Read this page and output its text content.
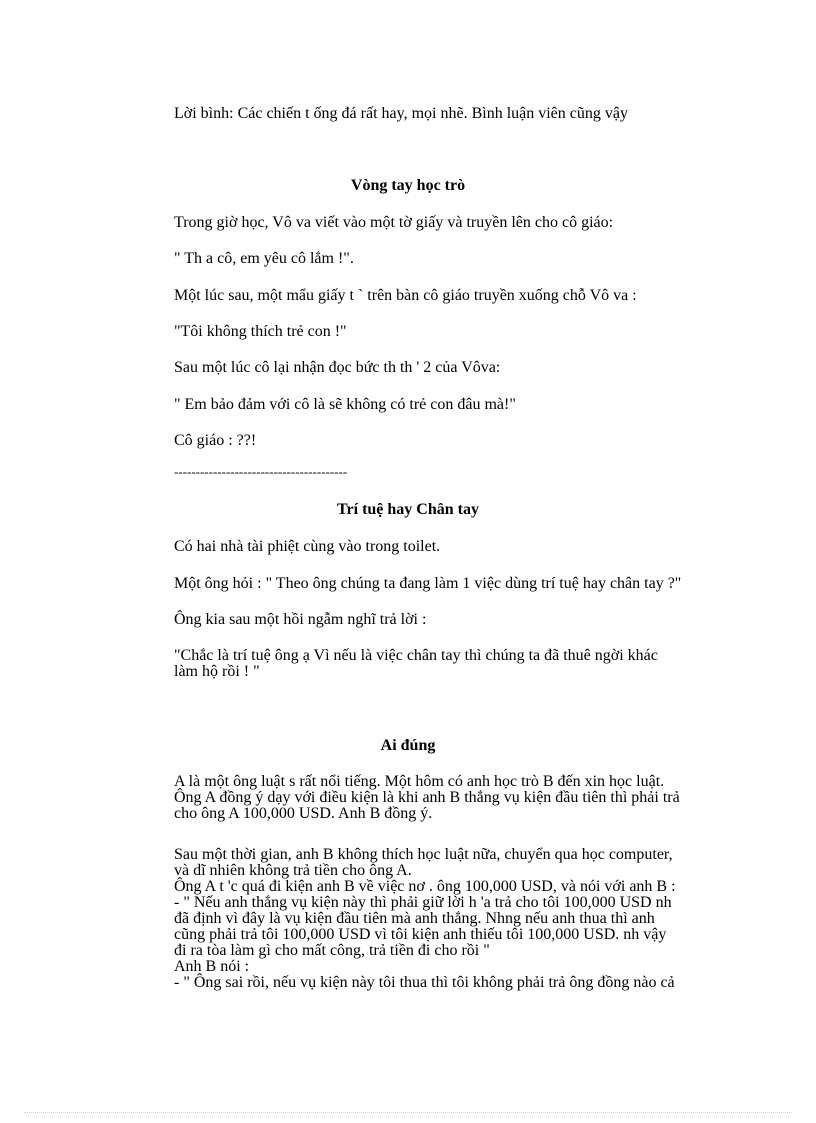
Lời bình: Các chiến t ống đá rất hay, mọi nhẽ. Bình luận viên cũng vậy

Vòng tay học trò

Trong giờ học, Vô va viết vào một tờ giấy và truyền lên cho cô giáo:

" Th a cô, em yêu cô lắm !".

Một lúc sau, một mẩu giấy t ` trên bàn cô giáo truyền xuống chỗ Vô va :

"Tôi không thích trẻ con !"

Sau một lúc cô lại nhận đọc bức th th ' 2 của Vôva:

" Em bảo đảm với cô là sẽ không có trẻ con đâu mà!"

Cô giáo : ??!

----------------------------------------
Trí tuệ hay Chân tay

Có hai nhà tài phiệt cùng vào trong toilet.

Một ông hỏi : " Theo ông chúng ta đang làm 1 việc dùng trí tuệ hay chân tay ?"

Ông kia sau một hồi ngẫm nghĩ trả lời :

"Chắc là trí tuệ ông ạ Vì nếu là việc chân tay thì chúng ta đã thuê ngời khác
làm hộ rồi ! "
Ai đúng
A là một ông luật s rất nổi tiếng. Một hôm có anh học trò B đến xin học luật.
Ông A đồng ý dạy với điều kiện là khi anh B thắng vụ kiện đầu tiên thì phải trả
cho ông A 100,000 USD. Anh B đồng ý.
Sau một thời gian, anh B không thích học luật nữa, chuyển qua học computer,
và dĩ nhiên không trả tiền cho ông A.
Ông A t 'c quá đi kiện anh B về việc nơ . ông 100,000 USD, và nói với anh B :
- " Nếu anh thắng vụ kiện này thì phải giữ lời h 'a trả cho tôi 100,000 USD nh
đã định vì đây là vụ kiện đầu tiên mà anh thắng. Nhng nếu anh thua thì anh
cũng phải trả tôi 100,000 USD vì tôi kiện anh thiếu tôi 100,000 USD. nh vậy
đi ra tòa làm gì cho mất công, trả tiền đi cho rồi "
Anh B nói :
- " Ông sai rồi, nếu vụ kiện này tôi thua thì tôi không phải trả ông đồng nào cả
